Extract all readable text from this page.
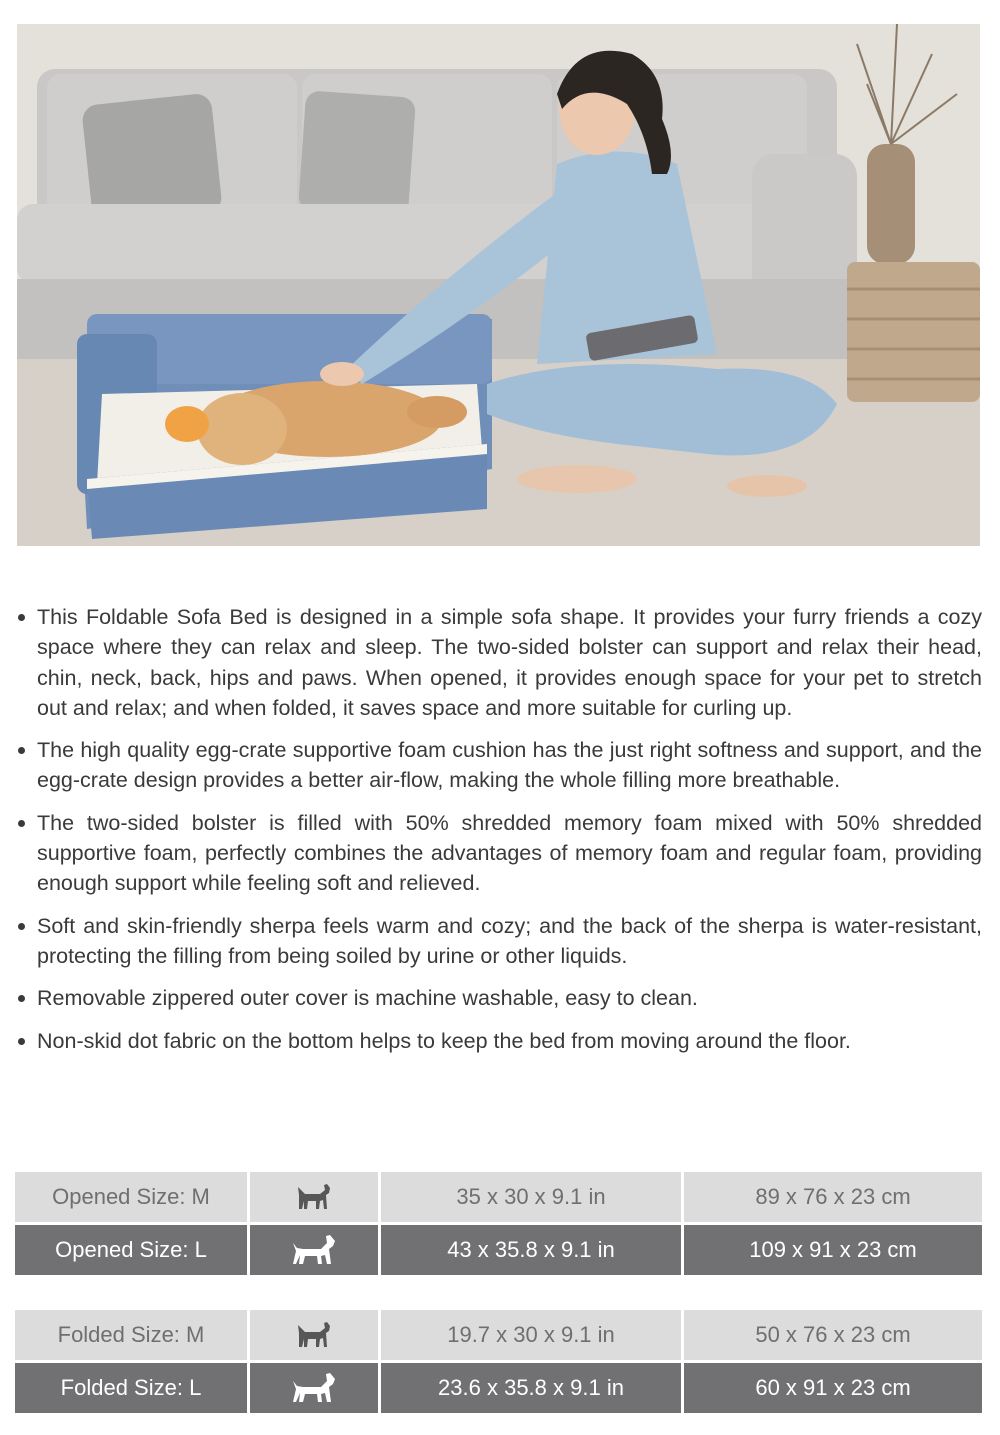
This Foldable Sofa Bed is designed in a simple sofa shape. It provides your furry friends a cozy space where they can relax and sleep. The two-sided bolster can support and relax their head, chin, neck, back, hips and paws. When opened, it provides enough space for your pet to stretch out and relax; and when folded, it saves space and more suitable for curling up.
The high quality egg-crate supportive foam cushion has the just right softness and support, and the egg-crate design provides a better air-flow, making the whole filling more breathable.
The two-sided bolster is filled with 50% shredded memory foam mixed with 50% shredded supportive foam, perfectly combines the advantages of memory foam and regular foam, providing enough support while feeling soft and relieved.
Soft and skin-friendly sherpa feels warm and cozy; and the back of the sherpa is water-resistant, protecting the filling from being soiled by urine or other liquids.
Removable zippered outer cover is machine washable, easy to clean.
Non-skid dot fabric on the bottom helps to keep the bed from moving around the floor.
Opened Size: M		35 x 30 x 9.1 in	89 x 76 x 23 cm
Opened Size: L		43 x 35.8 x 9.1 in	109 x 91 x 23 cm
Folded Size: M		19.7 x 30 x 9.1 in	50 x 76 x 23 cm
Folded Size: L		23.6 x 35.8 x 9.1 in	60 x 91 x 23 cm
